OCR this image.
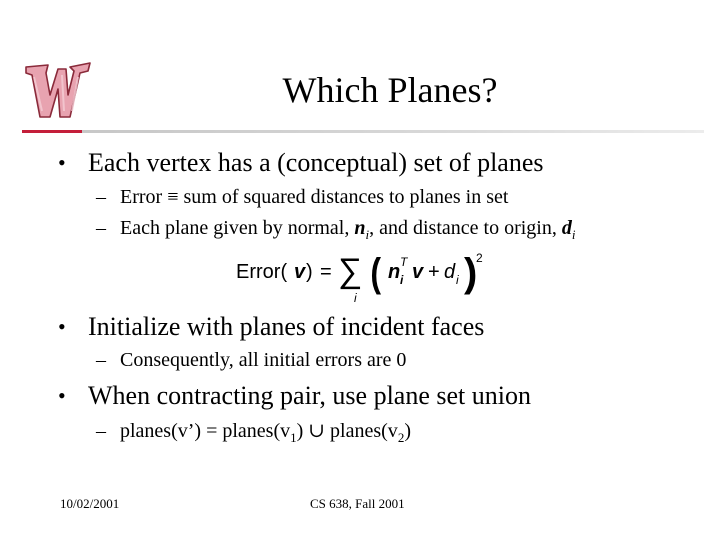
Which Planes?
• Each vertex has a (conceptual) set of planes
– Error ≡ sum of squared distances to planes in set
– Each plane given by normal, $n_i$, and distance to origin, $d_i$
Error( v ) = ∑
i
( n i
T v + d i )
2
• Initialize with planes of incident faces
– Consequently, all initial errors are 0
• When contracting pair, use plane set union
– planes(v’) = $planes(v_1)$ ∪ $planes(v_2)$
10/02/2001	CS 638, Fall 2001
